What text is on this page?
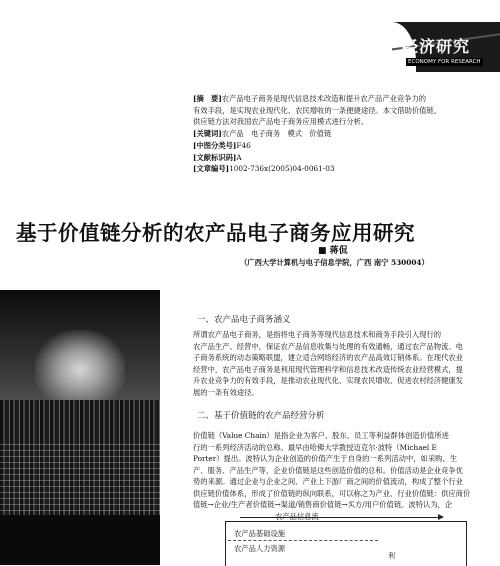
经济研究
ECONOMY FOR RESEARCH
[摘　要]农产品电子商务是现代信息技术改造和提升农产品产业竞争力的
有效手段，是实现农业现代化、农民增收的一条便捷途径。本文借助价值链、
供应链方法对我国农产品电子商务应用模式进行分析。
[关键词]农产品　电子商务　模式　价值链
[中图分类号]F46
[文献标识码]A
[文章编号]1002-736x(2005)04-0061-03
基于价值链分析的农产品电子商务应用研究
■ 蒋侃
（广西大学计算机与电子信息学院，广西 南宁 530004）
一、农产品电子商务涵义
所谓农产品电子商务，是指将电子商务等现代信息技术和商务手段引入现行的
农产品生产、经营中，保证农产品信息收集与处理的有效通畅，通过农产品物流、电
子商务系统的动态策略联盟，建立适合网络经济的农产品高效订销体系。在现代农业
经营中，农产品电子商务是利用现代管理科学和信息技术改造传统农业经营模式，提
升农业竞争力的有效手段，是推动农业现代化、实现农民增收、促进农村经济健康发
展的一条有效途径。
二、基于价值链的农产品经营分析
价值链（Value Chain）是指企业为客户、股东、员工等利益群体创造价值所进
行的一系列经济活动的总称。最早由哈佛大学教授迈克尔·波特（Michael E
Porter）提出。波特认为企业创造的价值产生于自身的一系列活动中，如采购、生
产、服务、产品生产等，企业价值链是这些创造价值的总和。价值活动是企业竞争优
势的来源。通过企业与企业之间、产业上下游厂商之间的价值流动，构成了整个行业
供应链价值体系，形成了价值链的纵向联系，可以称之为产业、行业价值链：供应商价
值链→企业/生产者价值链→渠道/销售商价值链→买方/用户价值链。波特认为，企
农产品信息流
农产品基础设施
农产品人力资源
利
